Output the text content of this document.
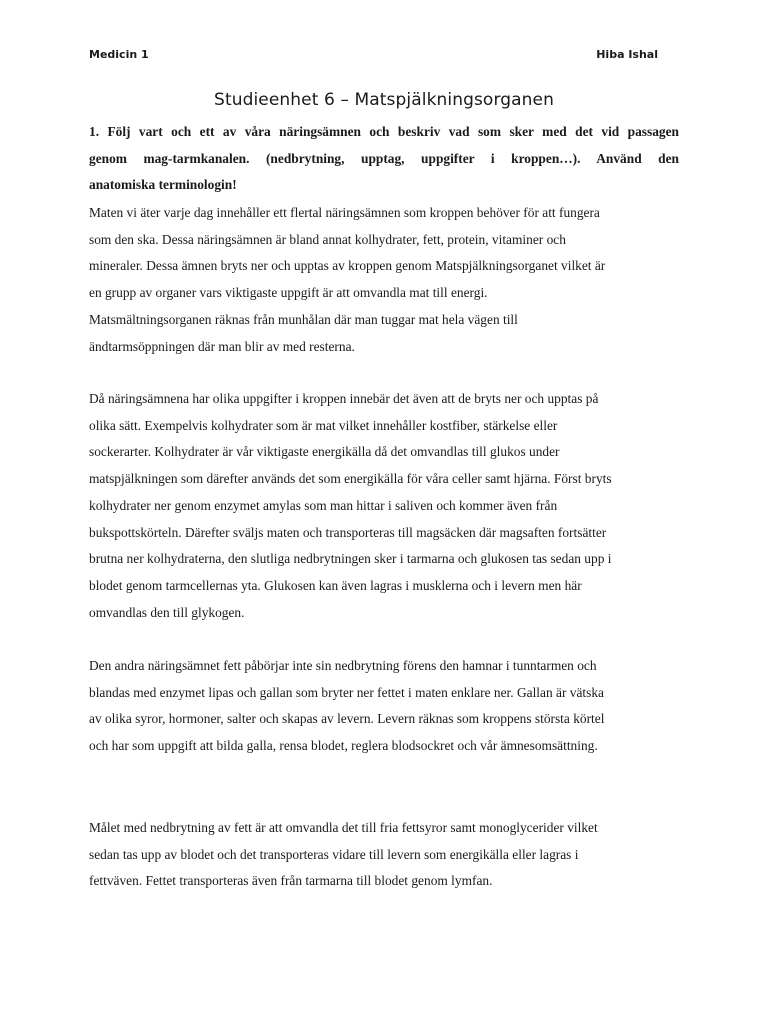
Medicin 1	Hiba Ishal
Studieenhet 6 – Matspjälkningsorganen
1. Följ vart och ett av våra näringsämnen och beskriv vad som sker med det vid passagen
genom mag-tarmkanalen. (nedbrytning, upptag, uppgifter i kroppen…). Använd den
anatomiska terminologin!
Maten vi äter varje dag innehåller ett flertal näringsämnen som kroppen behöver för att fungera
som den ska. Dessa näringsämnen är bland annat kolhydrater, fett, protein, vitaminer och
mineraler. Dessa ämnen bryts ner och upptas av kroppen genom Matspjälkningsorganet vilket är
en grupp av organer vars viktigaste uppgift är att omvandla mat till energi.
Matsmältningsorganen räknas från munhålan där man tuggar mat hela vägen till
ändtarmsöppningen där man blir av med resterna.
Då näringsämnena har olika uppgifter i kroppen innebär det även att de bryts ner och upptas på
olika sätt. Exempelvis kolhydrater som är mat vilket innehåller kostfiber, stärkelse eller
sockerarter. Kolhydrater är vår viktigaste energikälla då det omvandlas till glukos under
matspjälkningen som därefter används det som energikälla för våra celler samt hjärna. Först bryts
kolhydrater ner genom enzymet amylas som man hittar i saliven och kommer även från
bukspottskörteln. Därefter sväljs maten och transporteras till magsäcken där magsaften fortsätter
brutna ner kolhydraterna, den slutliga nedbrytningen sker i tarmarna och glukosen tas sedan upp i
blodet genom tarmcellernas yta. Glukosen kan även lagras i musklerna och i levern men här
omvandlas den till glykogen.
Den andra näringsämnet fett påbörjar inte sin nedbrytning förens den hamnar i tunntarmen och
blandas med enzymet lipas och gallan som bryter ner fettet i maten enklare ner. Gallan är vätska
av olika syror, hormoner, salter och skapas av levern. Levern räknas som kroppens största körtel
och har som uppgift att bilda galla, rensa blodet, reglera blodsockret och vår ämnesomsättning.
Målet med nedbrytning av fett är att omvandla det till fria fettsyror samt monoglycerider vilket
sedan tas upp av blodet och det transporteras vidare till levern som energikälla eller lagras i
fettväven. Fettet transporteras även från tarmarna till blodet genom lymfan.
